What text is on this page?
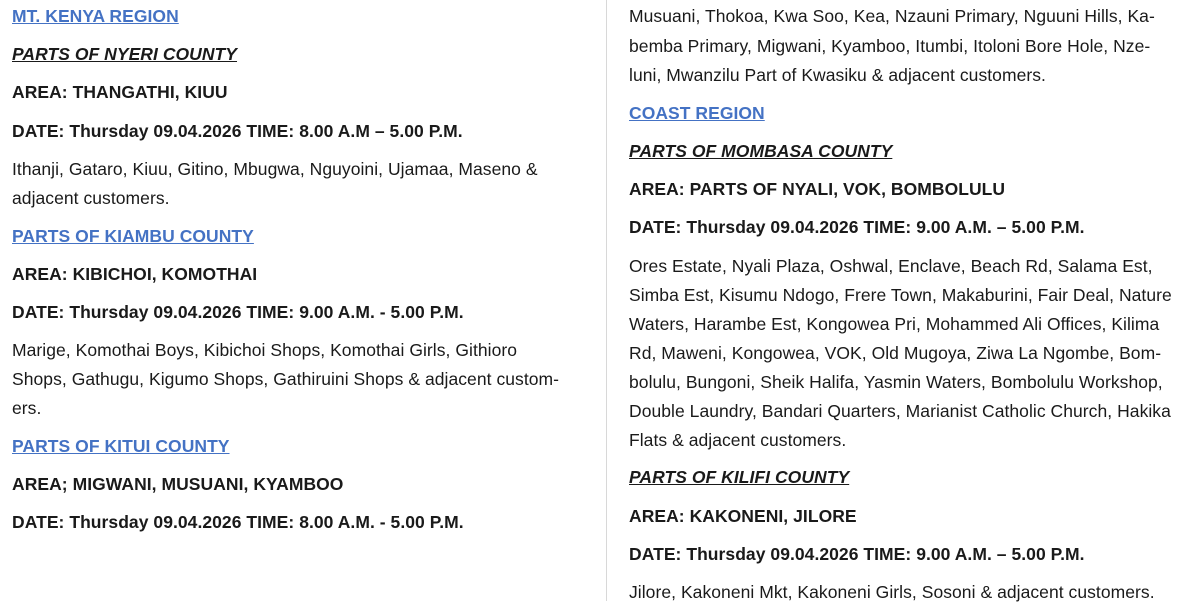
MT. KENYA REGION
PARTS OF NYERI COUNTY
AREA: THANGATHI, KIUU
DATE: Thursday 09.04.2026 TIME: 8.00 A.M – 5.00 P.M.
Ithanji, Gataro, Kiuu, Gitino, Mbugwa, Nguyoini, Ujamaa, Maseno &
adjacent customers.
PARTS OF KIAMBU COUNTY
AREA: KIBICHOI, KOMOTHAI
DATE: Thursday 09.04.2026 TIME: 9.00 A.M. - 5.00 P.M.
Marige, Komothai Boys, Kibichoi Shops, Komothai Girls, Githioro
Shops, Gathugu, Kigumo Shops, Gathiruini Shops & adjacent custom-
ers.
PARTS OF KITUI COUNTY
AREA; MIGWANI, MUSUANI, KYAMBOO
DATE: Thursday 09.04.2026 TIME: 8.00 A.M. - 5.00 P.M.
Musuani, Thokoa, Kwa Soo, Kea, Nzauni Primary, Nguuni Hills, Ka-
bemba Primary, Migwani, Kyamboo, Itumbi, Itoloni Bore Hole, Nze-
luni, Mwanzilu Part of Kwasiku & adjacent customers.
COAST REGION
PARTS OF MOMBASA COUNTY
AREA: PARTS OF NYALI, VOK, BOMBOLULU
DATE: Thursday 09.04.2026 TIME: 9.00 A.M. – 5.00 P.M.
Ores Estate, Nyali Plaza, Oshwal, Enclave, Beach Rd, Salama Est,
Simba Est, Kisumu Ndogo, Frere Town, Makaburini, Fair Deal, Nature
Waters, Harambe Est, Kongowea Pri, Mohammed Ali Offices, Kilima
Rd, Maweni, Kongowea, VOK, Old Mugoya, Ziwa La Ngombe, Bom-
bolulu, Bungoni, Sheik Halifa, Yasmin Waters, Bombolulu Workshop,
Double Laundry, Bandari Quarters, Marianist Catholic Church, Hakika
Flats & adjacent customers.
PARTS OF KILIFI COUNTY
AREA: KAKONENI, JILORE
DATE: Thursday 09.04.2026 TIME: 9.00 A.M. – 5.00 P.M.
Jilore, Kakoneni Mkt, Kakoneni Girls, Sosoni & adjacent customers.
